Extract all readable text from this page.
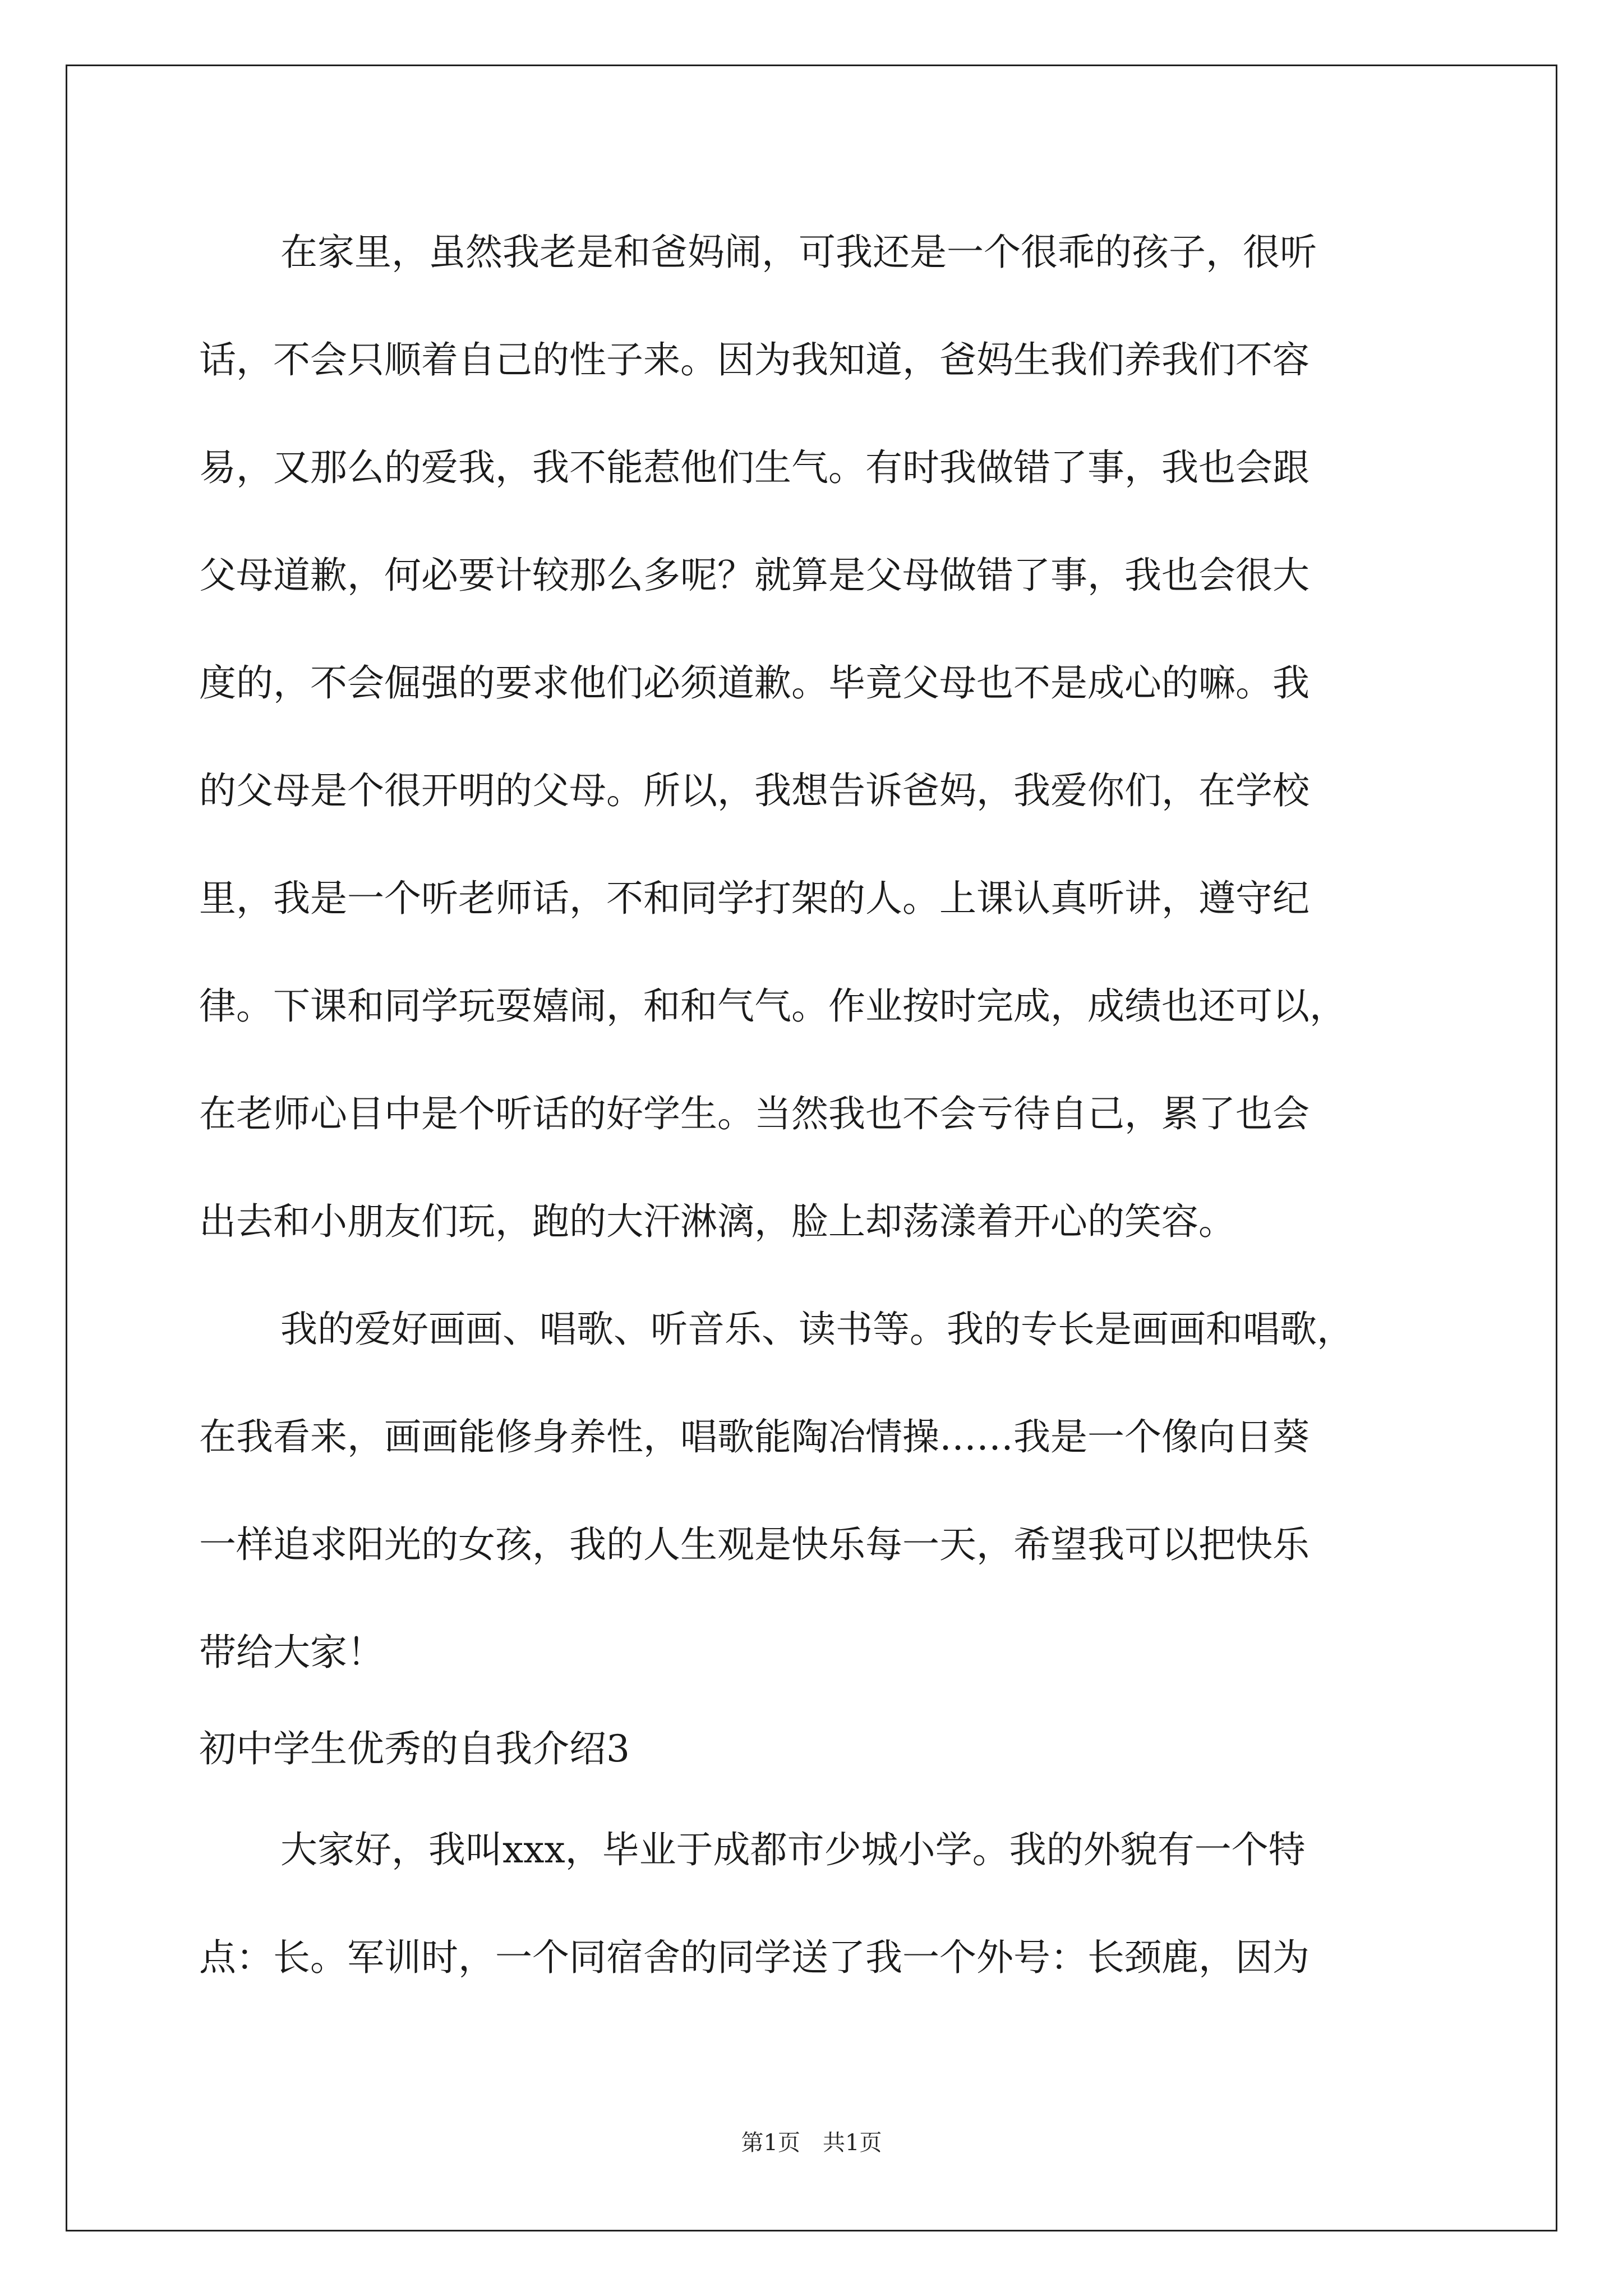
在家里，虽然我老是和爸妈闹，可我还是一个很乖的孩子，很听
话，不会只顺着自己的性子来。因为我知道，爸妈生我们养我们不容
易，又那么的爱我，我不能惹他们生气。有时我做错了事，我也会跟
父母道歉，何必要计较那么多呢？就算是父母做错了事，我也会很大
度的，不会倔强的要求他们必须道歉。毕竟父母也不是成心的嘛。我
的父母是个很开明的父母。所以，我想告诉爸妈，我爱你们，在学校
里，我是一个听老师话，不和同学打架的人。上课认真听讲，遵守纪
律。下课和同学玩耍嬉闹，和和气气。作业按时完成，成绩也还可以，
在老师心目中是个听话的好学生。当然我也不会亏待自己，累了也会
出去和小朋友们玩，跑的大汗淋漓，脸上却荡漾着开心的笑容。
我的爱好画画、唱歌、听音乐、读书等。我的专长是画画和唱歌，
在我看来，画画能修身养性，唱歌能陶冶情操……我是一个像向日葵
一样追求阳光的女孩，我的人生观是快乐每一天，希望我可以把快乐
带给大家！
初中学生优秀的自我介绍3
大家好，我叫xxx，毕业于成都市少城小学。我的外貌有一个特
点：长。军训时，一个同宿舍的同学送了我一个外号：长颈鹿，因为
第1页　共1页
